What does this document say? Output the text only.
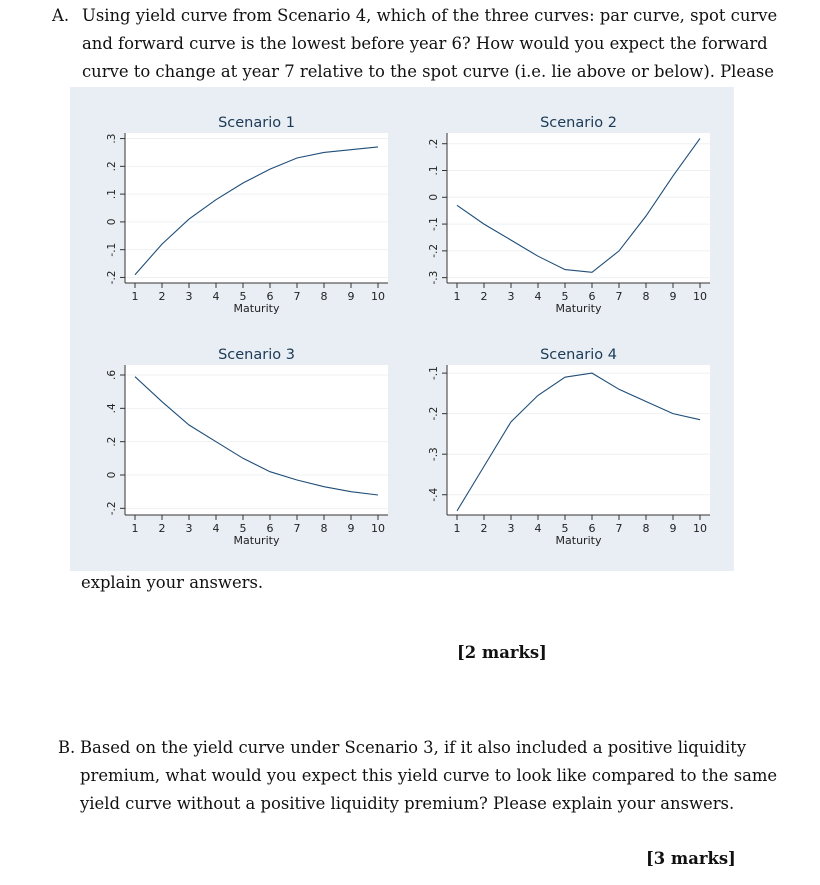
A. Using yield curve from Scenario 4, which of the three curves: par curve, spot curve
and forward curve is the lowest before year 6? How would you expect the forward
curve to change at year 7 relative to the spot curve (i.e. lie above or below). Please
Scenario 1
-.2
-.1
0
.1
.2
.3
1 2 3 4 5 6 7 8 9 10
Maturity
Scenario 2
-.3
-.2
-.1
0
.1
.2
1 2 3 4 5 6 7 8 9 10
Maturity
Scenario 3
-.2
0
.2
.4
.6
1 2 3 4 5 6 7 8 9 10
Maturity
Scenario 4
-.4
-.3
-.2
-.1
1 2 3 4 5 6 7 8 9 10
Maturity
explain your answers.
[2 marks]
B. Based on the yield curve under Scenario 3, if it also included a positive liquidity
premium, what would you expect this yield curve to look like compared to the same
yield curve without a positive liquidity premium? Please explain your answers.
[3 marks]
